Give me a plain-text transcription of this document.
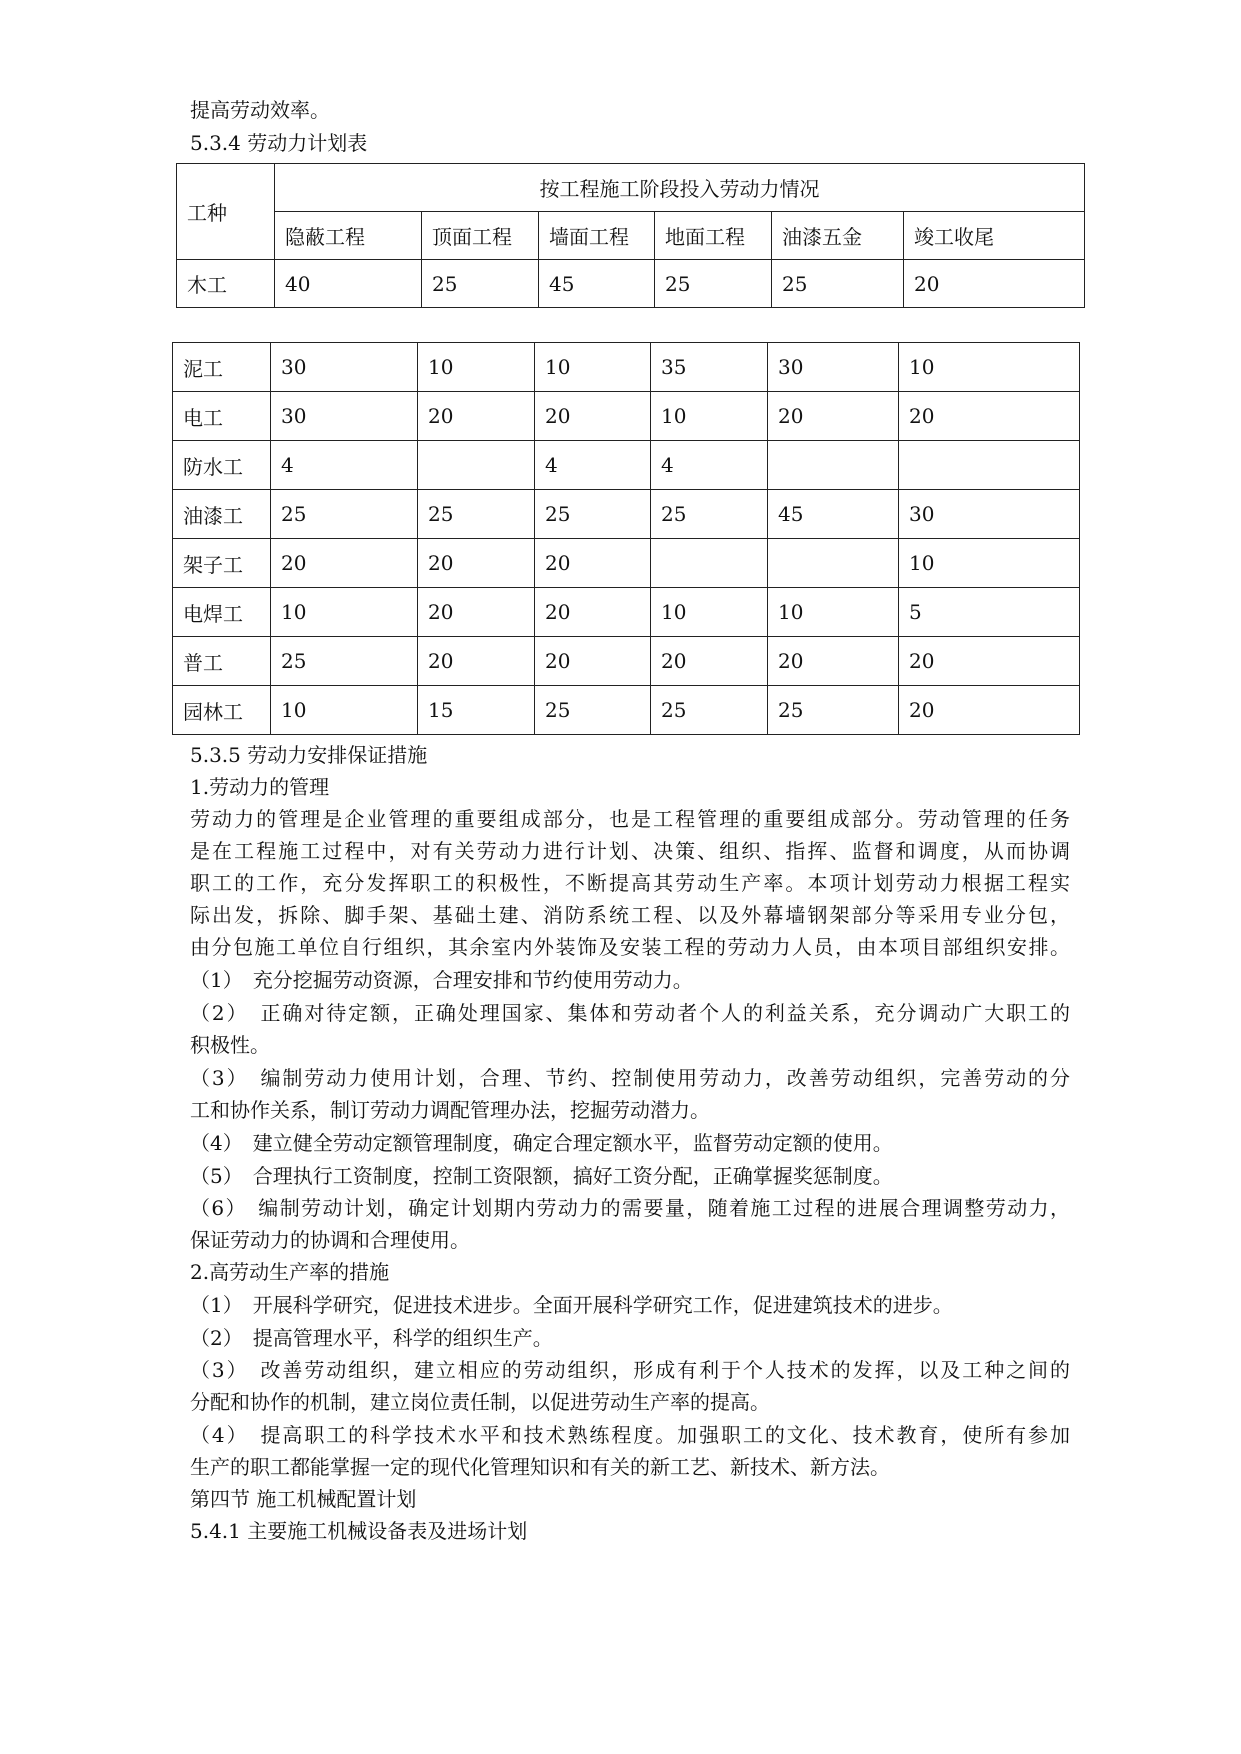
提高劳动效率。
5.3.4 劳动力计划表
工种	按工程施工阶段投入劳动力情况					
	隐蔽工程	顶面工程	墙面工程	地面工程	油漆五金	竣工收尾
木工	40	25	45	25	25	20
泥工	30	10	10	35	30	10
电工	30	20	20	10	20	20
防水工	4		4	4		
油漆工	25	25	25	25	45	30
架子工	20	20	20			10
电焊工	10	20	20	10	10	5
普工	25	20	20	20	20	20
园林工	10	15	25	25	25	20
5.3.5 劳动力安排保证措施
1.劳动力的管理
劳动力的管理是企业管理的重要组成部分，也是工程管理的重要组成部分。劳动管理的任务
是在工程施工过程中，对有关劳动力进行计划、决策、组织、指挥、监督和调度，从而协调
职工的工作，充分发挥职工的积极性，不断提高其劳动生产率。本项计划劳动力根据工程实
际出发，拆除、脚手架、基础土建、消防系统工程、以及外幕墙钢架部分等采用专业分包，
由分包施工单位自行组织，其余室内外装饰及安装工程的劳动力人员，由本项目部组织安排。
（1）　充分挖掘劳动资源，合理安排和节约使用劳动力。
（2）　正确对待定额，正确处理国家、集体和劳动者个人的利益关系，充分调动广大职工的
积极性。
（3）　编制劳动力使用计划，合理、节约、控制使用劳动力，改善劳动组织，完善劳动的分
工和协作关系，制订劳动力调配管理办法，挖掘劳动潜力。
（4）　建立健全劳动定额管理制度，确定合理定额水平，监督劳动定额的使用。
（5）　合理执行工资制度，控制工资限额，搞好工资分配，正确掌握奖惩制度。
（6）　编制劳动计划，确定计划期内劳动力的需要量，随着施工过程的进展合理调整劳动力，
保证劳动力的协调和合理使用。
2.高劳动生产率的措施
（1）　开展科学研究，促进技术进步。全面开展科学研究工作，促进建筑技术的进步。
（2）　提高管理水平，科学的组织生产。
（3）　改善劳动组织，建立相应的劳动组织，形成有利于个人技术的发挥，以及工种之间的
分配和协作的机制，建立岗位责任制，以促进劳动生产率的提高。
（4）　提高职工的科学技术水平和技术熟练程度。加强职工的文化、技术教育，使所有参加
生产的职工都能掌握一定的现代化管理知识和有关的新工艺、新技术、新方法。
第四节 施工机械配置计划
5.4.1 主要施工机械设备表及进场计划
